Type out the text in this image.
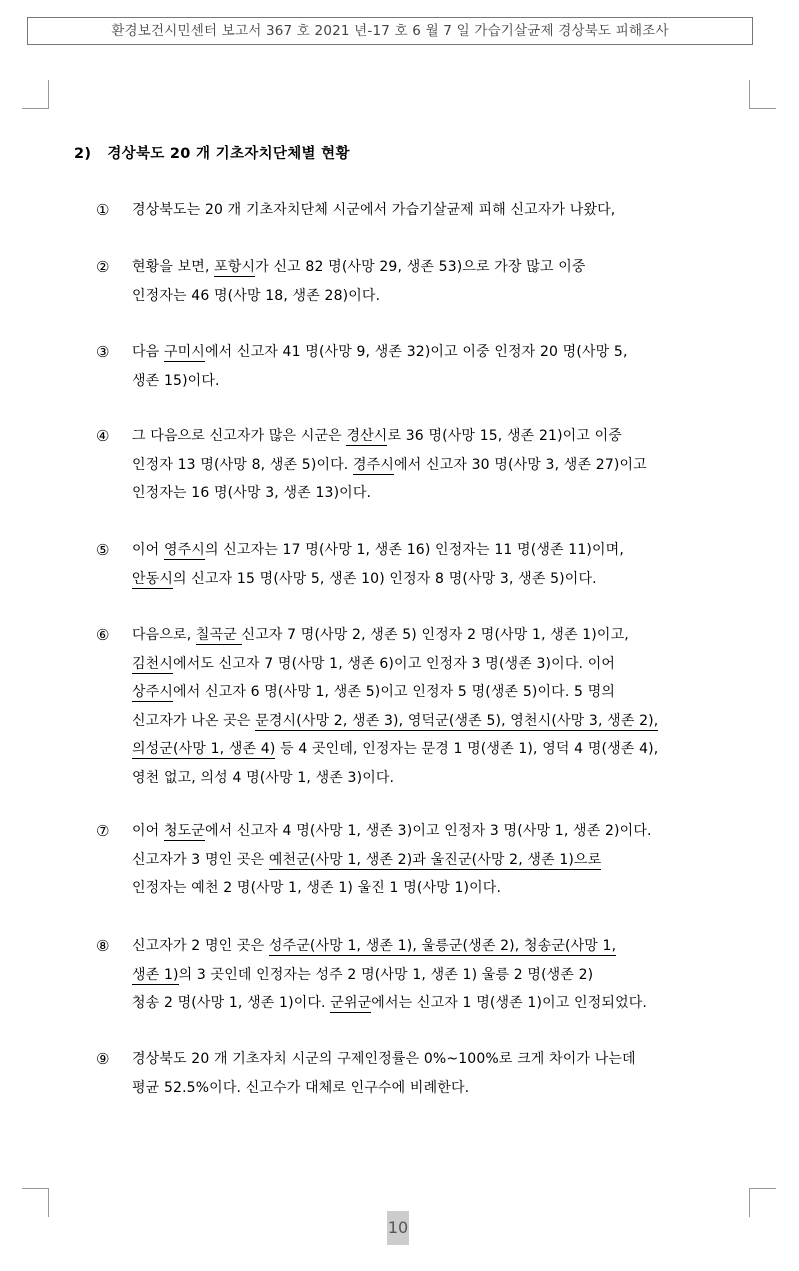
환경보건시민센터 보고서 367 호 2021 년-17 호 6 월 7 일 가습기살균제 경상북도 피해조사
2) 경상북도 20 개 기초자치단체별 현황
① 경상북도는 20 개 기초자치단체 시군에서 가습기살균제 피해 신고자가 나왔다,
② 현황을 보면, 포항시가 신고 82 명(사망 29, 생존 53)으로 가장 많고 이중
인정자는 46 명(사망 18, 생존 28)이다.
③ 다음 구미시에서 신고자 41 명(사망 9, 생존 32)이고 이중 인정자 20 명(사망 5,
생존 15)이다.
④ 그 다음으로 신고자가 많은 시군은 경산시로 36 명(사망 15, 생존 21)이고 이중
인정자 13 명(사망 8, 생존 5)이다. 경주시에서 신고자 30 명(사망 3, 생존 27)이고
인정자는 16 명(사망 3, 생존 13)이다.
⑤ 이어 영주시의 신고자는 17 명(사망 1, 생존 16) 인정자는 11 명(생존 11)이며,
안동시의 신고자 15 명(사망 5, 생존 10) 인정자 8 명(사망 3, 생존 5)이다.
⑥ 다음으로, 칠곡군 신고자 7 명(사망 2, 생존 5) 인정자 2 명(사망 1, 생존 1)이고,
김천시에서도 신고자 7 명(사망 1, 생존 6)이고 인정자 3 명(생존 3)이다. 이어
상주시에서 신고자 6 명(사망 1, 생존 5)이고 인정자 5 명(생존 5)이다. 5 명의
신고자가 나온 곳은 문경시(사망 2, 생존 3), 영덕군(생존 5), 영천시(사망 3, 생존 2),
의성군(사망 1, 생존 4) 등 4 곳인데, 인정자는 문경 1 명(생존 1), 영덕 4 명(생존 4),
영천 없고, 의성 4 명(사망 1, 생존 3)이다.
⑦ 이어 청도군에서 신고자 4 명(사망 1, 생존 3)이고 인정자 3 명(사망 1, 생존 2)이다.
신고자가 3 명인 곳은 예천군(사망 1, 생존 2)과 울진군(사망 2, 생존 1)으로
인정자는 예천 2 명(사망 1, 생존 1) 울진 1 명(사망 1)이다.
⑧ 신고자가 2 명인 곳은 성주군(사망 1, 생존 1), 울릉군(생존 2), 청송군(사망 1,
생존 1)의 3 곳인데 인정자는 성주 2 명(사망 1, 생존 1) 울릉 2 명(생존 2)
청송 2 명(사망 1, 생존 1)이다. 군위군에서는 신고자 1 명(생존 1)이고 인정되었다.
⑨ 경상북도 20 개 기초자치 시군의 구제인정률은 0%~100%로 크게 차이가 나는데
평균 52.5%이다. 신고수가 대체로 인구수에 비례한다.
10
